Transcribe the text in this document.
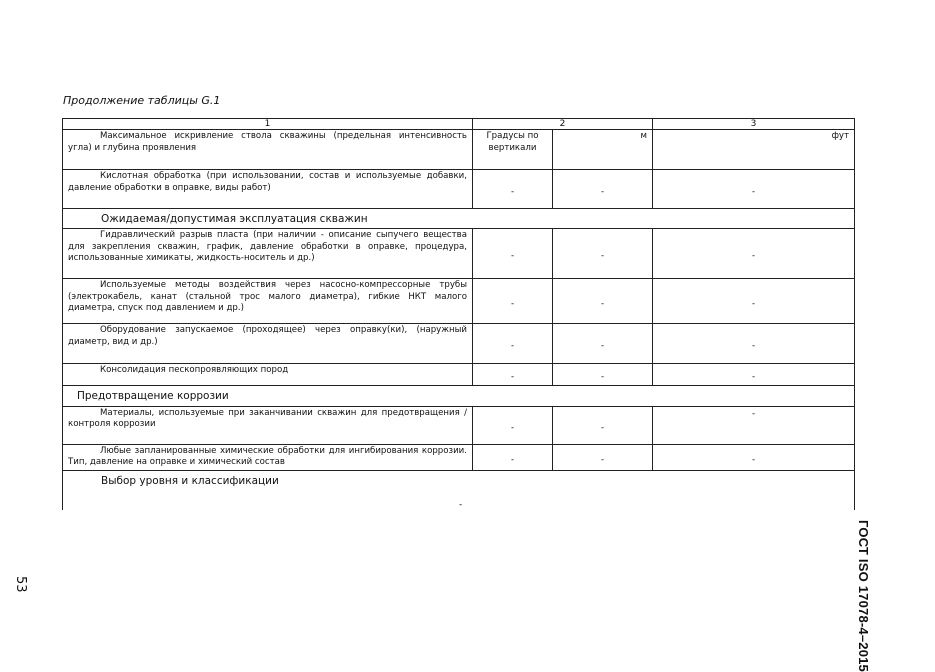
Продолжение таблицы G.1
1	2		3
Максимальное искривление ствола скважины (предельная интенсивность угла) и глубина проявления	Градусы по вертикали	м	фут
Кислотная обработка (при использовании, состав и используемые добавки, давление обработки в оправке, виды работ)	-	-	-
Ожидаемая/допустимая эксплуатация скважин			
Гидравлический разрыв пласта (при наличии - описание сыпучего вещества для закрепления скважин, график, давление обработки в оправке, процедура, использованные химикаты, жидкость-носитель и др.)	-	-	-
Используемые методы воздействия через насосно-компрессорные трубы (электрокабель, канат (стальной трос малого диаметра), гибкие НКТ малого диаметра, спуск под давлением и др.)	-	-	-
Оборудование запускаемое (проходящее) через оправку(ки), (наружный диаметр, вид и др.)	-	-	-
Консолидация пескопроявляющих пород	-	-	-
Предотвращение коррозии			
Материалы, используемые при заканчивании скважин для предотвращения /контроля коррозии	-	-	-
Любые запланированные химические обработки для ингибирования коррозии. Тип, давление на оправке и химический состав	-	-	-
Выбор уровня и классификации			
-
ГОСТ ISO 17078-4–2015
53
